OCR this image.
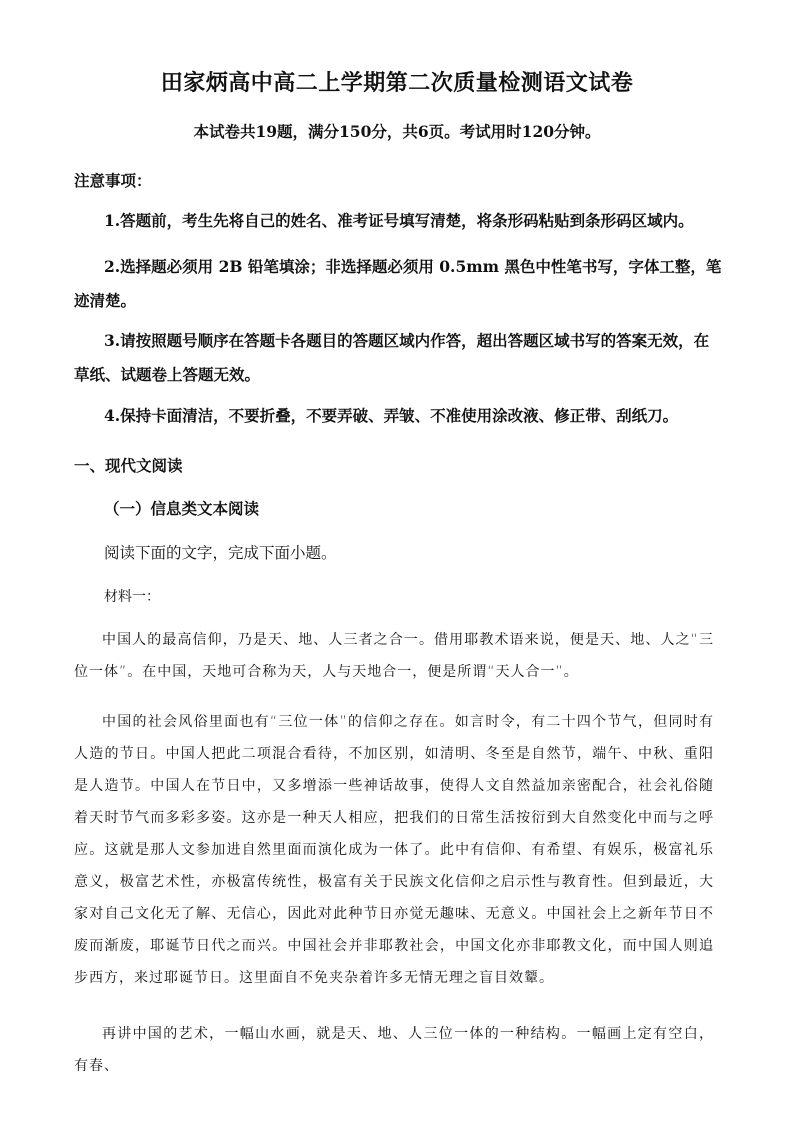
田家炳高中高二上学期第二次质量检测语文试卷
本试卷共19题，满分150分，共6页。考试用时120分钟。
注意事项：
1.答题前，考生先将自己的姓名、准考证号填写清楚，将条形码粘贴到条形码区域内。
2.选择题必须用 2B 铅笔填涂；非选择题必须用 0.5mm 黑色中性笔书写，字体工整，笔迹清楚。
3.请按照题号顺序在答题卡各题目的答题区域内作答，超出答题区域书写的答案无效，在草纸、试题卷上答题无效。
4.保持卡面清洁，不要折叠，不要弄破、弄皱、不准使用涂改液、修正带、刮纸刀。
一、现代文阅读
（一）信息类文本阅读
阅读下面的文字，完成下面小题。
材料一：
中国人的最高信仰，乃是天、地、人三者之合一。借用耶教术语来说，便是天、地、人之“三位一体”。在中国，天地可合称为天，人与天地合一，便是所谓“天人合一”。
中国的社会风俗里面也有“三位一体”的信仰之存在。如言时令，有二十四个节气，但同时有人造的节日。中国人把此二项混合看待，不加区别，如清明、冬至是自然节，端午、中秋、重阳是人造节。中国人在节日中，又多增添一些神话故事，使得人文自然益加亲密配合，社会礼俗随着天时节气而多彩多姿。这亦是一种天人相应，把我们的日常生活按衍到大自然变化中而与之呼应。这就是那人文参加进自然里面而演化成为一体了。此中有信仰、有希望、有娱乐，极富礼乐意义，极富艺术性，亦极富传统性，极富有关于民族文化信仰之启示性与教育性。但到最近，大家对自己文化无了解、无信心，因此对此种节日亦觉无趣味、无意义。中国社会上之新年节日不废而渐废，耶诞节日代之而兴。中国社会并非耶教社会，中国文化亦非耶教文化，而中国人则追步西方，来过耶诞节日。这里面自不免夹杂着许多无情无理之盲目效颦。
再讲中国的艺术，一幅山水画，就是天、地、人三位一体的一种结构。一幅画上定有空白，有春、
